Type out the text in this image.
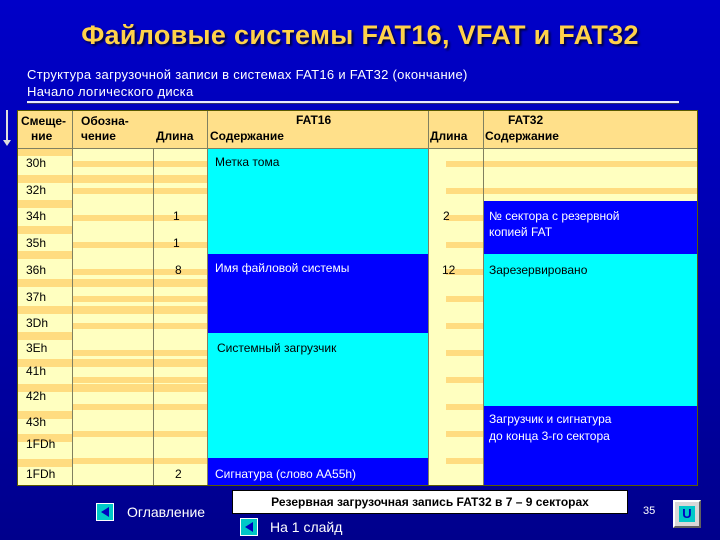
Файловые системы FAT16, VFAT и FAT32
Структура загрузочной записи в системах FAT16 и FAT32 (окончание)
Начало логического диска
Смеще-
ние
Обозна-
чение
FAT16
Длина Содержание
FAT32
Длина Содержание
30h
32h
34h
35h
36h
37h
3Dh
3Eh
41h
42h
43h
1FDh
1FDh
1
1
8
2
Метка тома
Имя файловой системы
Системный загрузчик
Сигнатура (слово AA55h)
2
12
№ сектора с резервной
копией FAT
Зарезервировано
Загрузчик и сигнатура
до конца 3-го сектора
Оглавление
На 1 слайд
Резервная загрузочная запись FAT32 в 7 – 9 секторах
35 U
